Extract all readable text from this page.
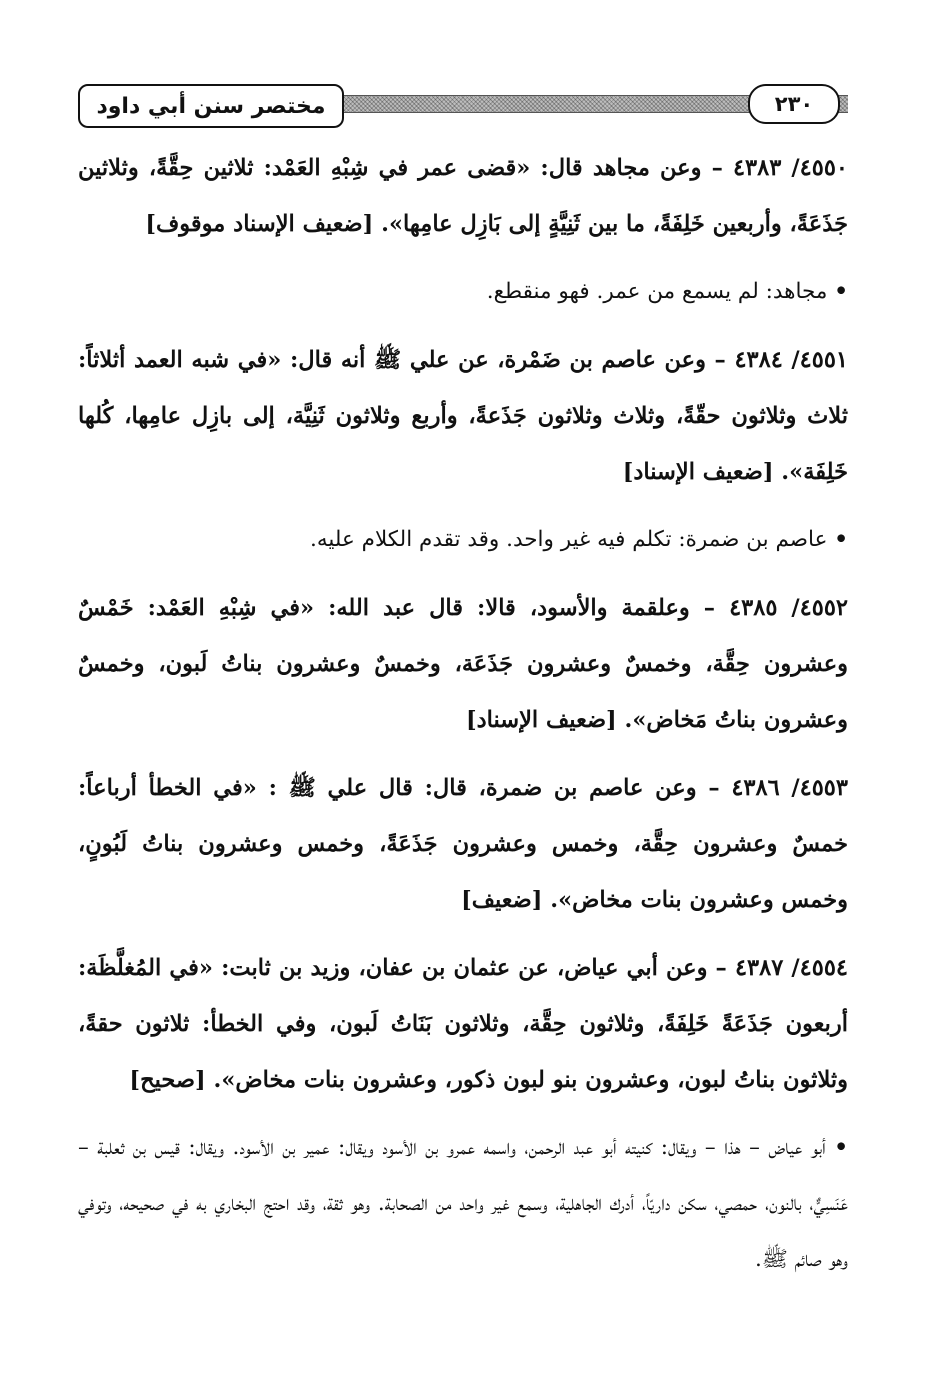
٢٣٠
مختصر سنن أبي داود

٤٥٥٠/ ٤٣٨٣ – وعن مجاهد قال: «قضى عمر في شِبْهِ العَمْد: ثلاثين حِقَّةً، وثلاثين جَذَعَةً، وأربعين خَلِفَةً، ما بين ثَنِيَّةٍ إلى بَازِل عامِها». [ضعيف الإسناد موقوف]

• مجاهد: لم يسمع من عمر. فهو منقطع.

٤٥٥١/ ٤٣٨٤ – وعن عاصم بن ضَمْرة، عن علي ﷺ أنه قال: «في شبه العمد أثلاثاً: ثلاث وثلاثون حقّةً، وثلاث وثلاثون جَذَعةً، وأربع وثلاثون ثَنِيَّة، إلى بازِل عامِها، كُلها خَلِفَة». [ضعيف الإسناد]

• عاصم بن ضمرة: تكلم فيه غير واحد. وقد تقدم الكلام عليه.

٤٥٥٢/ ٤٣٨٥ – وعلقمة والأسود، قالا: قال عبد الله: «في شِبْهِ العَمْد: خَمْسٌ وعشرون حِقَّة، وخمسٌ وعشرون جَذَعَة، وخمسٌ وعشرون بناتُ لَبون، وخمسٌ وعشرون بناتُ مَخاض». [ضعيف الإسناد]

٤٥٥٣/ ٤٣٨٦ – وعن عاصم بن ضمرة، قال: قال علي ﷺ : «في الخطأ أرباعاً: خمسٌ وعشرون حِقَّة، وخمس وعشرون جَذَعَةً، وخمس وعشرون بناتُ لَبُونٍ، وخمس وعشرون بنات مخاض». [ضعيف]

٤٥٥٤/ ٤٣٨٧ – وعن أبي عياض، عن عثمان بن عفان، وزيد بن ثابت: «في المُغلَّظَة: أربعون جَذَعَةً خَلِفَةً، وثلاثون حِقَّة، وثلاثون بَنَاتُ لَبون، وفي الخطأ: ثلاثون حقةً، وثلاثون بناتُ لبون، وعشرون بنو لبون ذكور، وعشرون بنات مخاض». [صحيح]

• أبو عياض – هذا – ويقال: كنيته أبو عبد الرحمن، واسمه عمرو بن الأسود ويقال: عمير بن الأسود. ويقال: قيس بن ثعلبة – عَنَسِيٌّ، بالنون، حمصي، سكن داريّاً، أدرك الجاهلية، وسمع غير واحد من الصحابة. وهو ثقة، وقد احتج البخاري به في صحيحه، وتوفي وهو صائم ﷺ.
